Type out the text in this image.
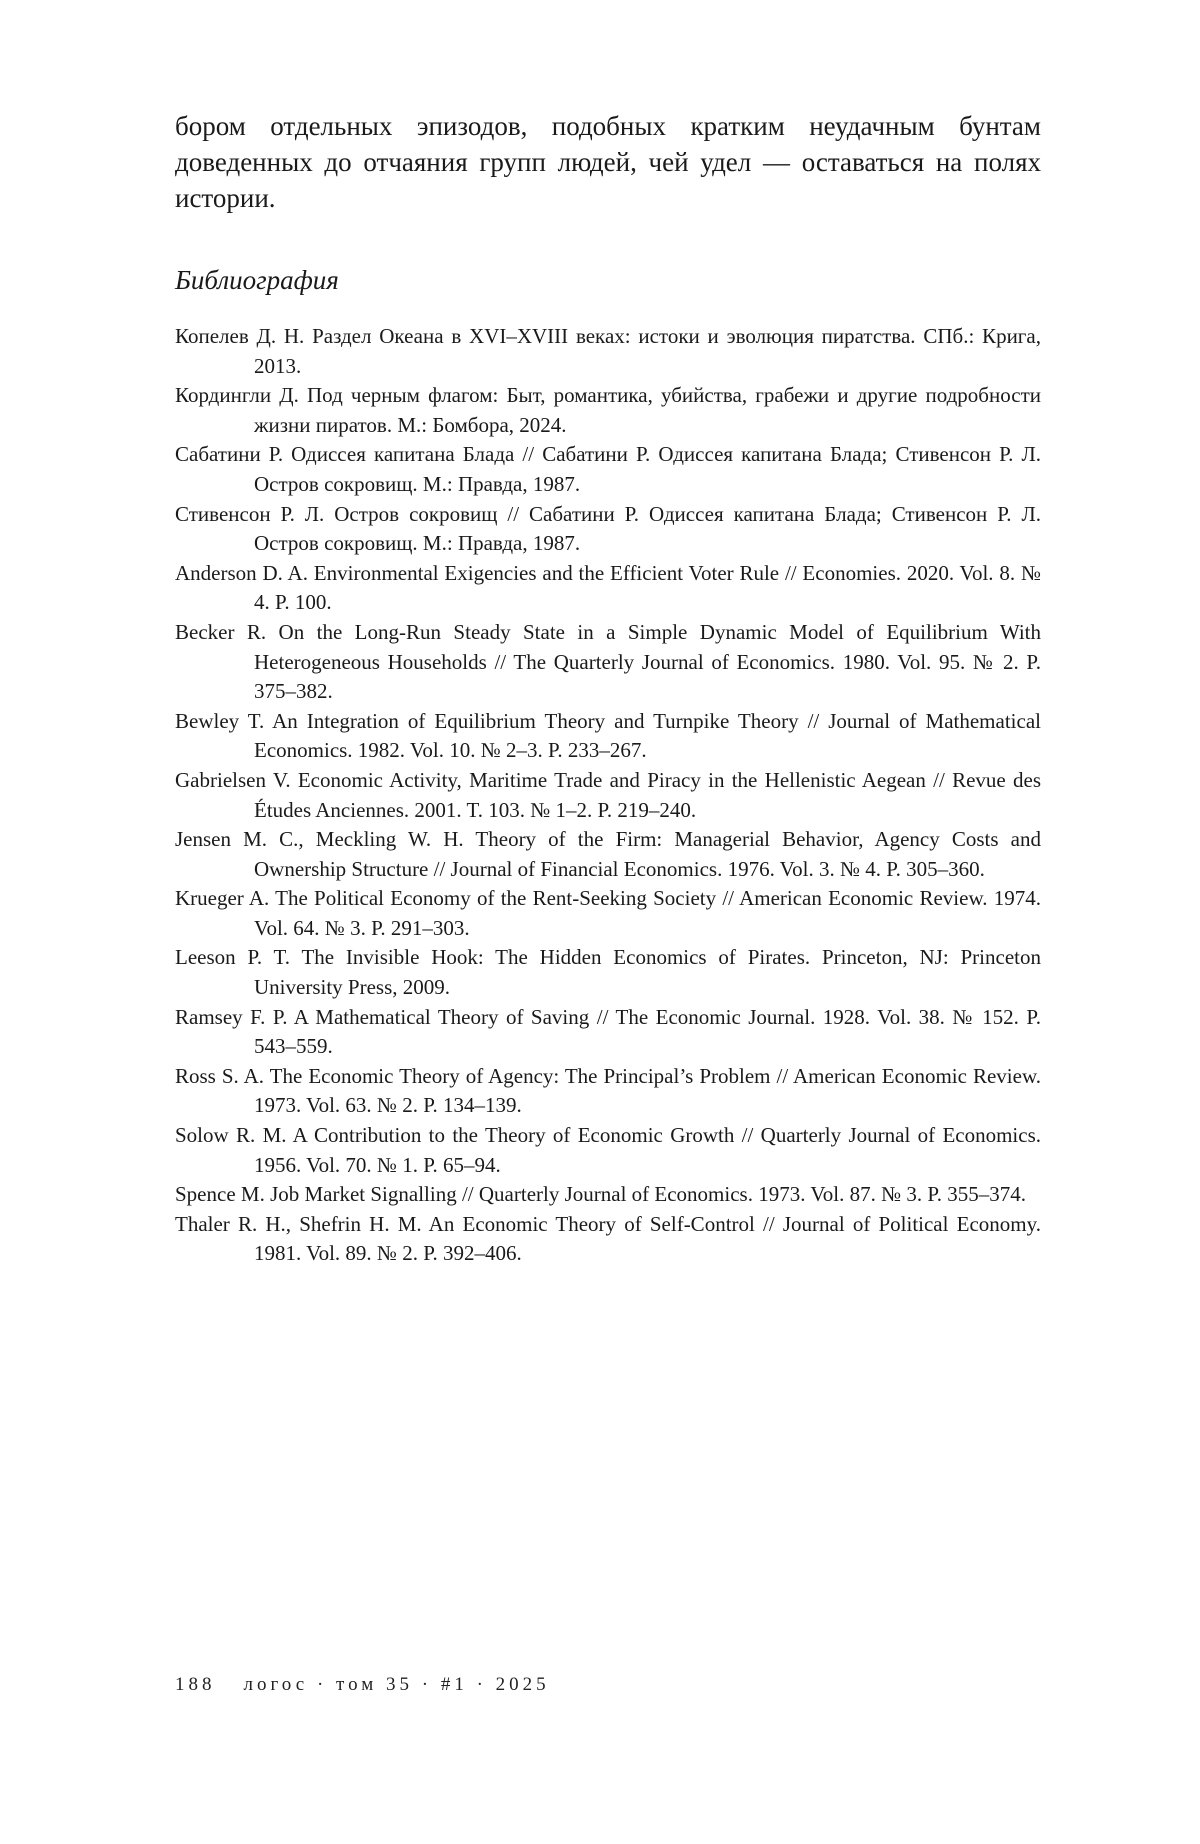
бором отдельных эпизодов, подобных кратким неудачным бунтам доведенных до отчаяния групп людей, чей удел — оставаться на полях истории.

Библиография
Копелев Д. Н. Раздел Океана в XVI–XVIII веках: истоки и эволюция пиратства. СПб.: Крига, 2013.
Кордингли Д. Под черным флагом: Быт, романтика, убийства, грабежи и другие подробности жизни пиратов. М.: Бомбора, 2024.
Сабатини Р. Одиссея капитана Блада // Сабатини Р. Одиссея капитана Блада; Стивенсон Р. Л. Остров сокровищ. М.: Правда, 1987.
Стивенсон Р. Л. Остров сокровищ // Сабатини Р. Одиссея капитана Блада; Стивенсон Р. Л. Остров сокровищ. М.: Правда, 1987.
Anderson D. A. Environmental Exigencies and the Efficient Voter Rule // Economies. 2020. Vol. 8. № 4. P. 100.
Becker R. On the Long-Run Steady State in a Simple Dynamic Model of Equilibrium With Heterogeneous Households // The Quarterly Journal of Economics. 1980. Vol. 95. № 2. P. 375–382.
Bewley T. An Integration of Equilibrium Theory and Turnpike Theory // Journal of Mathematical Economics. 1982. Vol. 10. № 2–3. P. 233–267.
Gabrielsen V. Economic Activity, Maritime Trade and Piracy in the Hellenistic Aegean // Revue des Études Anciennes. 2001. T. 103. № 1–2. P. 219–240.
Jensen M. C., Meckling W. H. Theory of the Firm: Managerial Behavior, Agency Costs and Ownership Structure // Journal of Financial Economics. 1976. Vol. 3. № 4. P. 305–360.
Krueger A. The Political Economy of the Rent-Seeking Society // American Economic Review. 1974. Vol. 64. № 3. P. 291–303.
Leeson P. T. The Invisible Hook: The Hidden Economics of Pirates. Princeton, NJ: Princeton University Press, 2009.
Ramsey F. P. A Mathematical Theory of Saving // The Economic Journal. 1928. Vol. 38. № 152. P. 543–559.
Ross S. A. The Economic Theory of Agency: The Principal’s Problem // American Economic Review. 1973. Vol. 63. № 2. P. 134–139.
Solow R. M. A Contribution to the Theory of Economic Growth // Quarterly Journal of Economics. 1956. Vol. 70. № 1. P. 65–94.
Spence M. Job Market Signalling // Quarterly Journal of Economics. 1973. Vol. 87. № 3. P. 355–374.
Thaler R. H., Shefrin H. M. An Economic Theory of Self-Control // Journal of Political Economy. 1981. Vol. 89. № 2. P. 392–406.
188 логос · том 35 · #1 · 2025
